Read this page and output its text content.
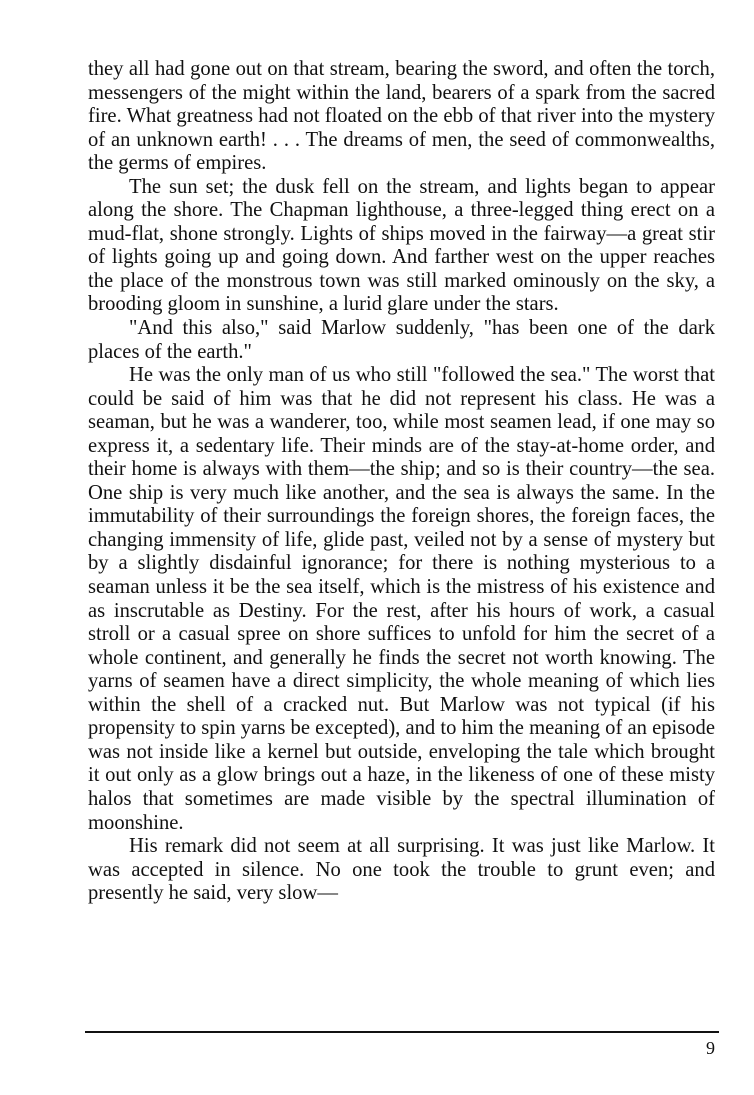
they all had gone out on that stream, bearing the sword, and often the torch, messengers of the might within the land, bearers of a spark from the sacred fire. What greatness had not floated on the ebb of that river into the mystery of an unknown earth! . . . The dreams of men, the seed of commonwealths, the germs of empires.

The sun set; the dusk fell on the stream, and lights began to appear along the shore. The Chapman lighthouse, a three-legged thing erect on a mud-flat, shone strongly. Lights of ships moved in the fairway—a great stir of lights going up and going down. And farther west on the upper reaches the place of the monstrous town was still marked ominously on the sky, a brooding gloom in sunshine, a lurid glare under the stars.

"And this also," said Marlow suddenly, "has been one of the dark places of the earth."

He was the only man of us who still "followed the sea." The worst that could be said of him was that he did not represent his class. He was a seaman, but he was a wanderer, too, while most seamen lead, if one may so express it, a sedentary life. Their minds are of the stay-at-home order, and their home is always with them—the ship; and so is their country—the sea. One ship is very much like another, and the sea is always the same. In the immutability of their surroundings the foreign shores, the foreign faces, the changing immensity of life, glide past, veiled not by a sense of mystery but by a slightly disdainful ignorance; for there is nothing mysterious to a seaman unless it be the sea itself, which is the mistress of his existence and as inscrutable as Destiny. For the rest, after his hours of work, a casual stroll or a casual spree on shore suffices to unfold for him the secret of a whole continent, and generally he finds the secret not worth knowing. The yarns of seamen have a direct simplicity, the whole meaning of which lies within the shell of a cracked nut. But Marlow was not typical (if his propensity to spin yarns be excepted), and to him the meaning of an episode was not inside like a kernel but outside, enveloping the tale which brought it out only as a glow brings out a haze, in the likeness of one of these misty halos that sometimes are made visible by the spectral illumination of moonshine.

His remark did not seem at all surprising. It was just like Marlow. It was accepted in silence. No one took the trouble to grunt even; and presently he said, very slow—

9
